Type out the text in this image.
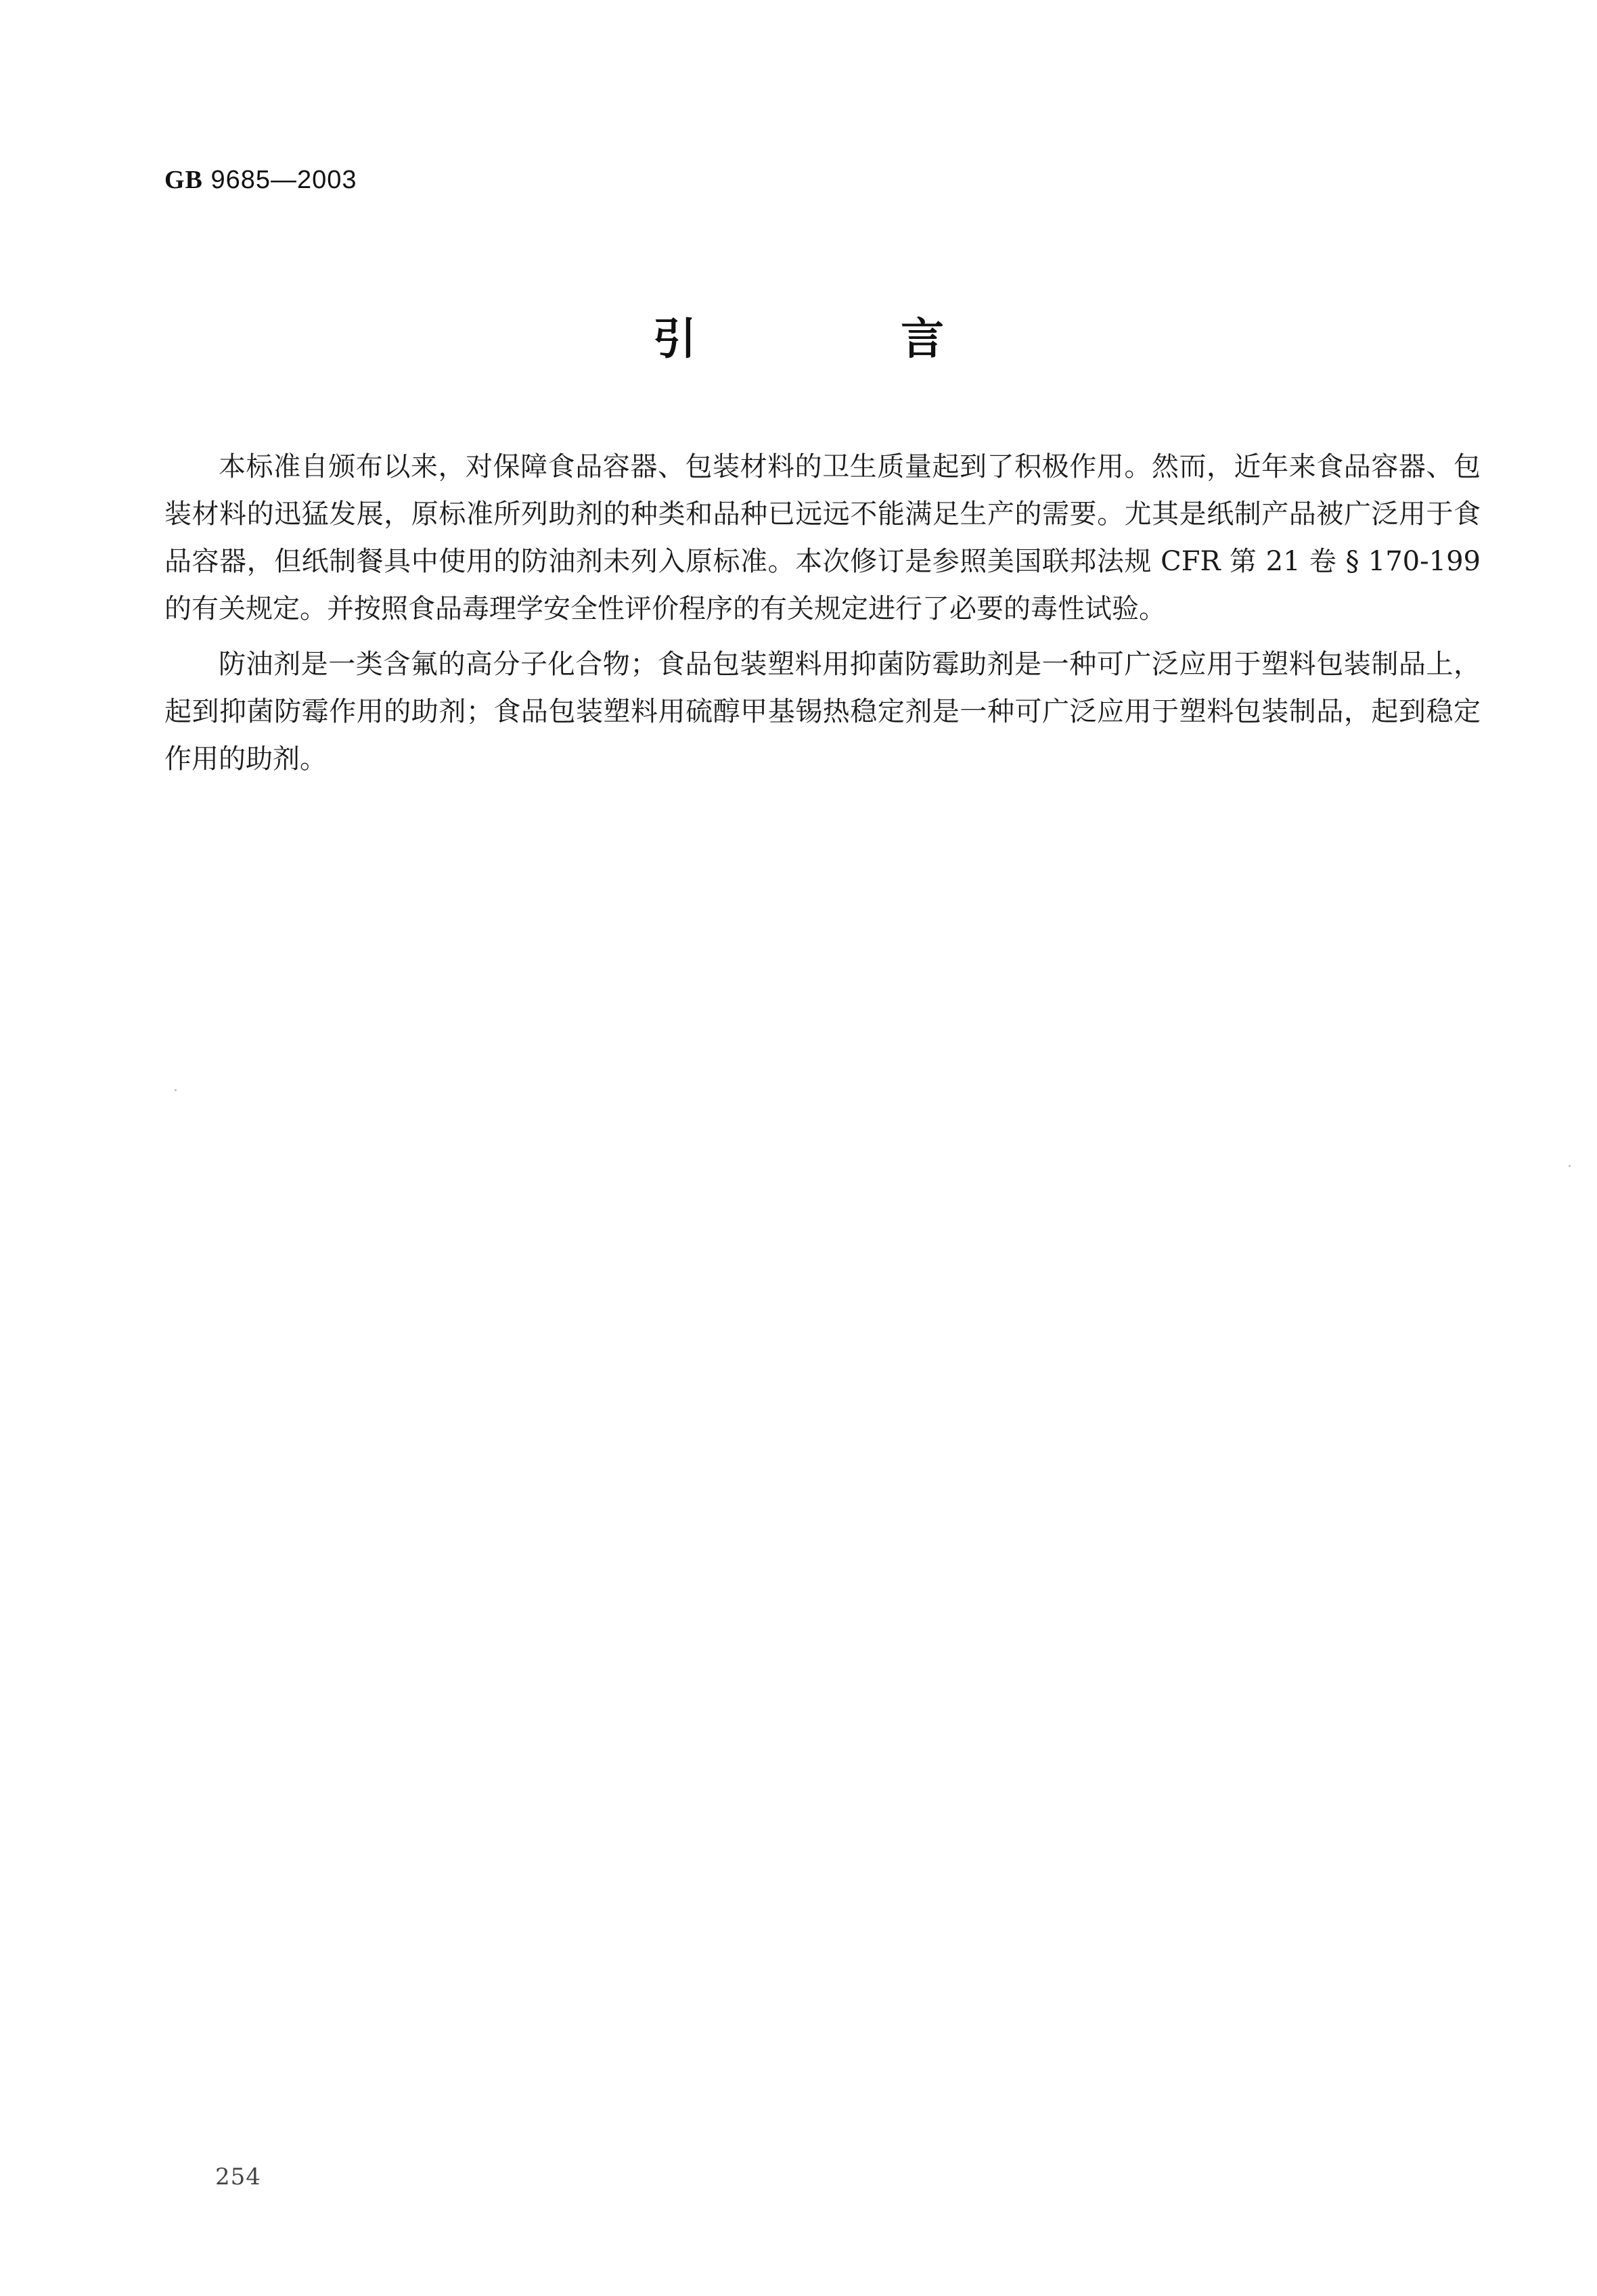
GB 9685—2003
引 言

本标准自颁布以来，对保障食品容器、包装材料的卫生质量起到了积极作用。然而，近年来食品容器、包装材料的迅猛发展，原标准所列助剂的种类和品种已远远不能满足生产的需要。尤其是纸制产品被广泛用于食品容器，但纸制餐具中使用的防油剂未列入原标准。本次修订是参照美国联邦法规 CFR 第 21 卷 § 170-199 的有关规定。并按照食品毒理学安全性评价程序的有关规定进行了必要的毒性试验。

防油剂是一类含氟的高分子化合物；食品包装塑料用抑菌防霉助剂是一种可广泛应用于塑料包装制品上，起到抑菌防霉作用的助剂；食品包装塑料用硫醇甲基锡热稳定剂是一种可广泛应用于塑料包装制品，起到稳定作用的助剂。

254
